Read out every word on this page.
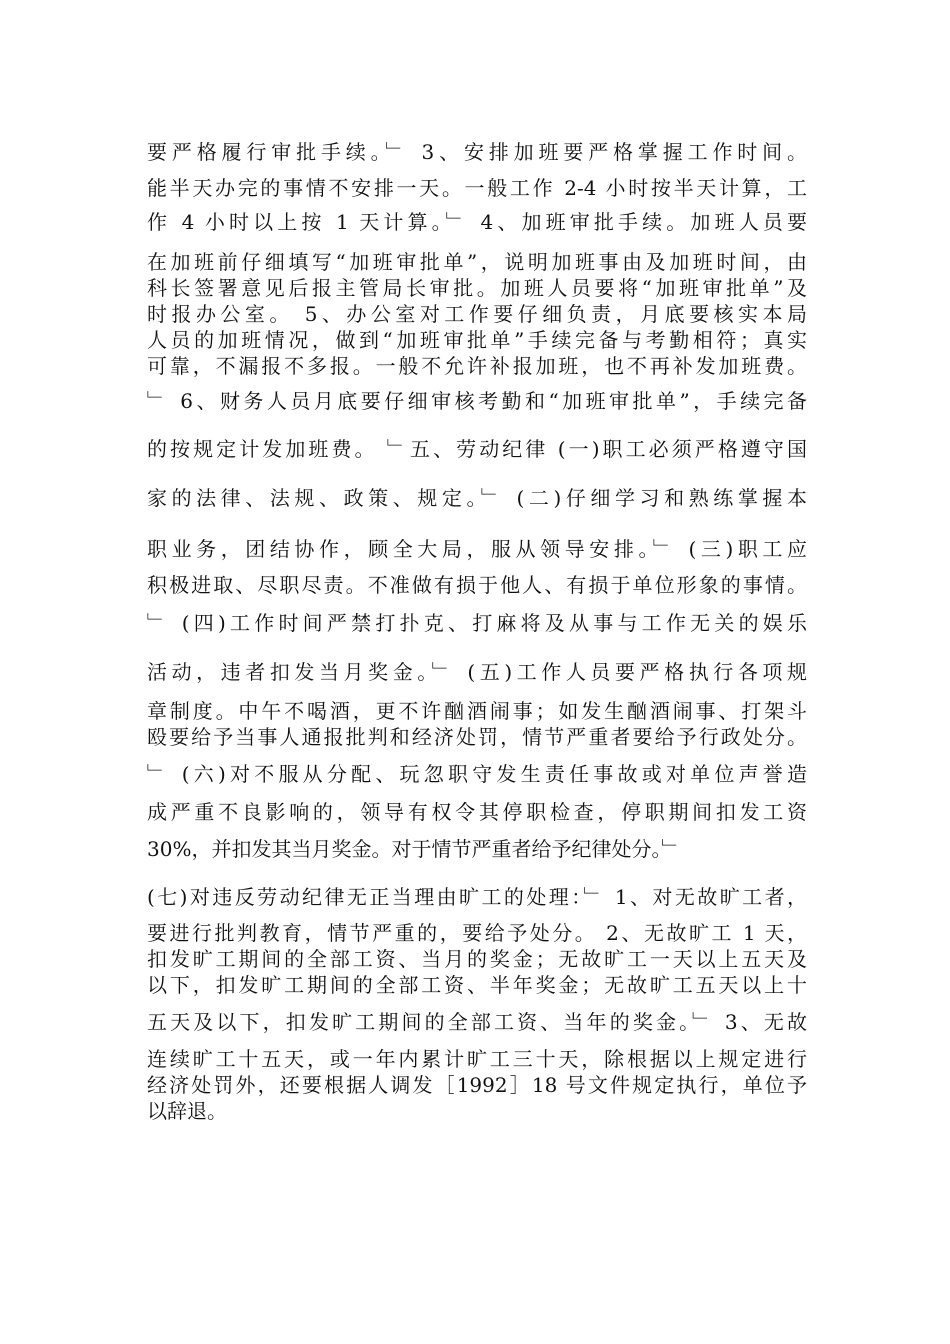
要严格履行审批手续。﹂ 3、安排加班要严格掌握工作时间。
能半天办完的事情不安排一天。一般工作 2-4 小时按半天计算，工
作 4 小时以上按 1 天计算。﹂ 4、加班审批手续。加班人员要
在加班前仔细填写“加班审批单”，说明加班事由及加班时间，由
科长签署意见后报主管局长审批。加班人员要将“加班审批单”及
时报办公室。 5、办公室对工作要仔细负责，月底要核实本局
人员的加班情况，做到“加班审批单”手续完备与考勤相符；真实
可靠，不漏报不多报。一般不允许补报加班，也不再补发加班费。
﹂ 6、财务人员月底要仔细审核考勤和“加班审批单”，手续完备
的按规定计发加班费。 ﹂五、劳动纪律 (一)职工必须严格遵守国
家的法律、法规、政策、规定。﹂ (二)仔细学习和熟练掌握本
职业务，团结协作，顾全大局，服从领导安排。﹂ (三)职工应
积极进取、尽职尽责。不准做有损于他人、有损于单位形象的事情。
﹂ (四)工作时间严禁打扑克、打麻将及从事与工作无关的娱乐
活动，违者扣发当月奖金。﹂ (五)工作人员要严格执行各项规
章制度。中午不喝酒，更不许酗酒闹事；如发生酗酒闹事、打架斗
殴要给予当事人通报批判和经济处罚，情节严重者要给予行政处分。
﹂ (六)对不服从分配、玩忽职守发生责任事故或对单位声誉造
成严重不良影响的，领导有权令其停职检查，停职期间扣发工资
30%，并扣发其当月奖金。对于情节严重者给予纪律处分。﹂
(七)对违反劳动纪律无正当理由旷工的处理：﹂ 1、对无故旷工者，
要进行批判教育，情节严重的，要给予处分。 2、无故旷工 1 天，
扣发旷工期间的全部工资、当月的奖金；无故旷工一天以上五天及
以下，扣发旷工期间的全部工资、半年奖金；无故旷工五天以上十
五天及以下，扣发旷工期间的全部工资、当年的奖金。﹂ 3、无故
连续旷工十五天，或一年内累计旷工三十天，除根据以上规定进行
经济处罚外，还要根据人调发［1992］18 号文件规定执行，单位予
以辞退。
